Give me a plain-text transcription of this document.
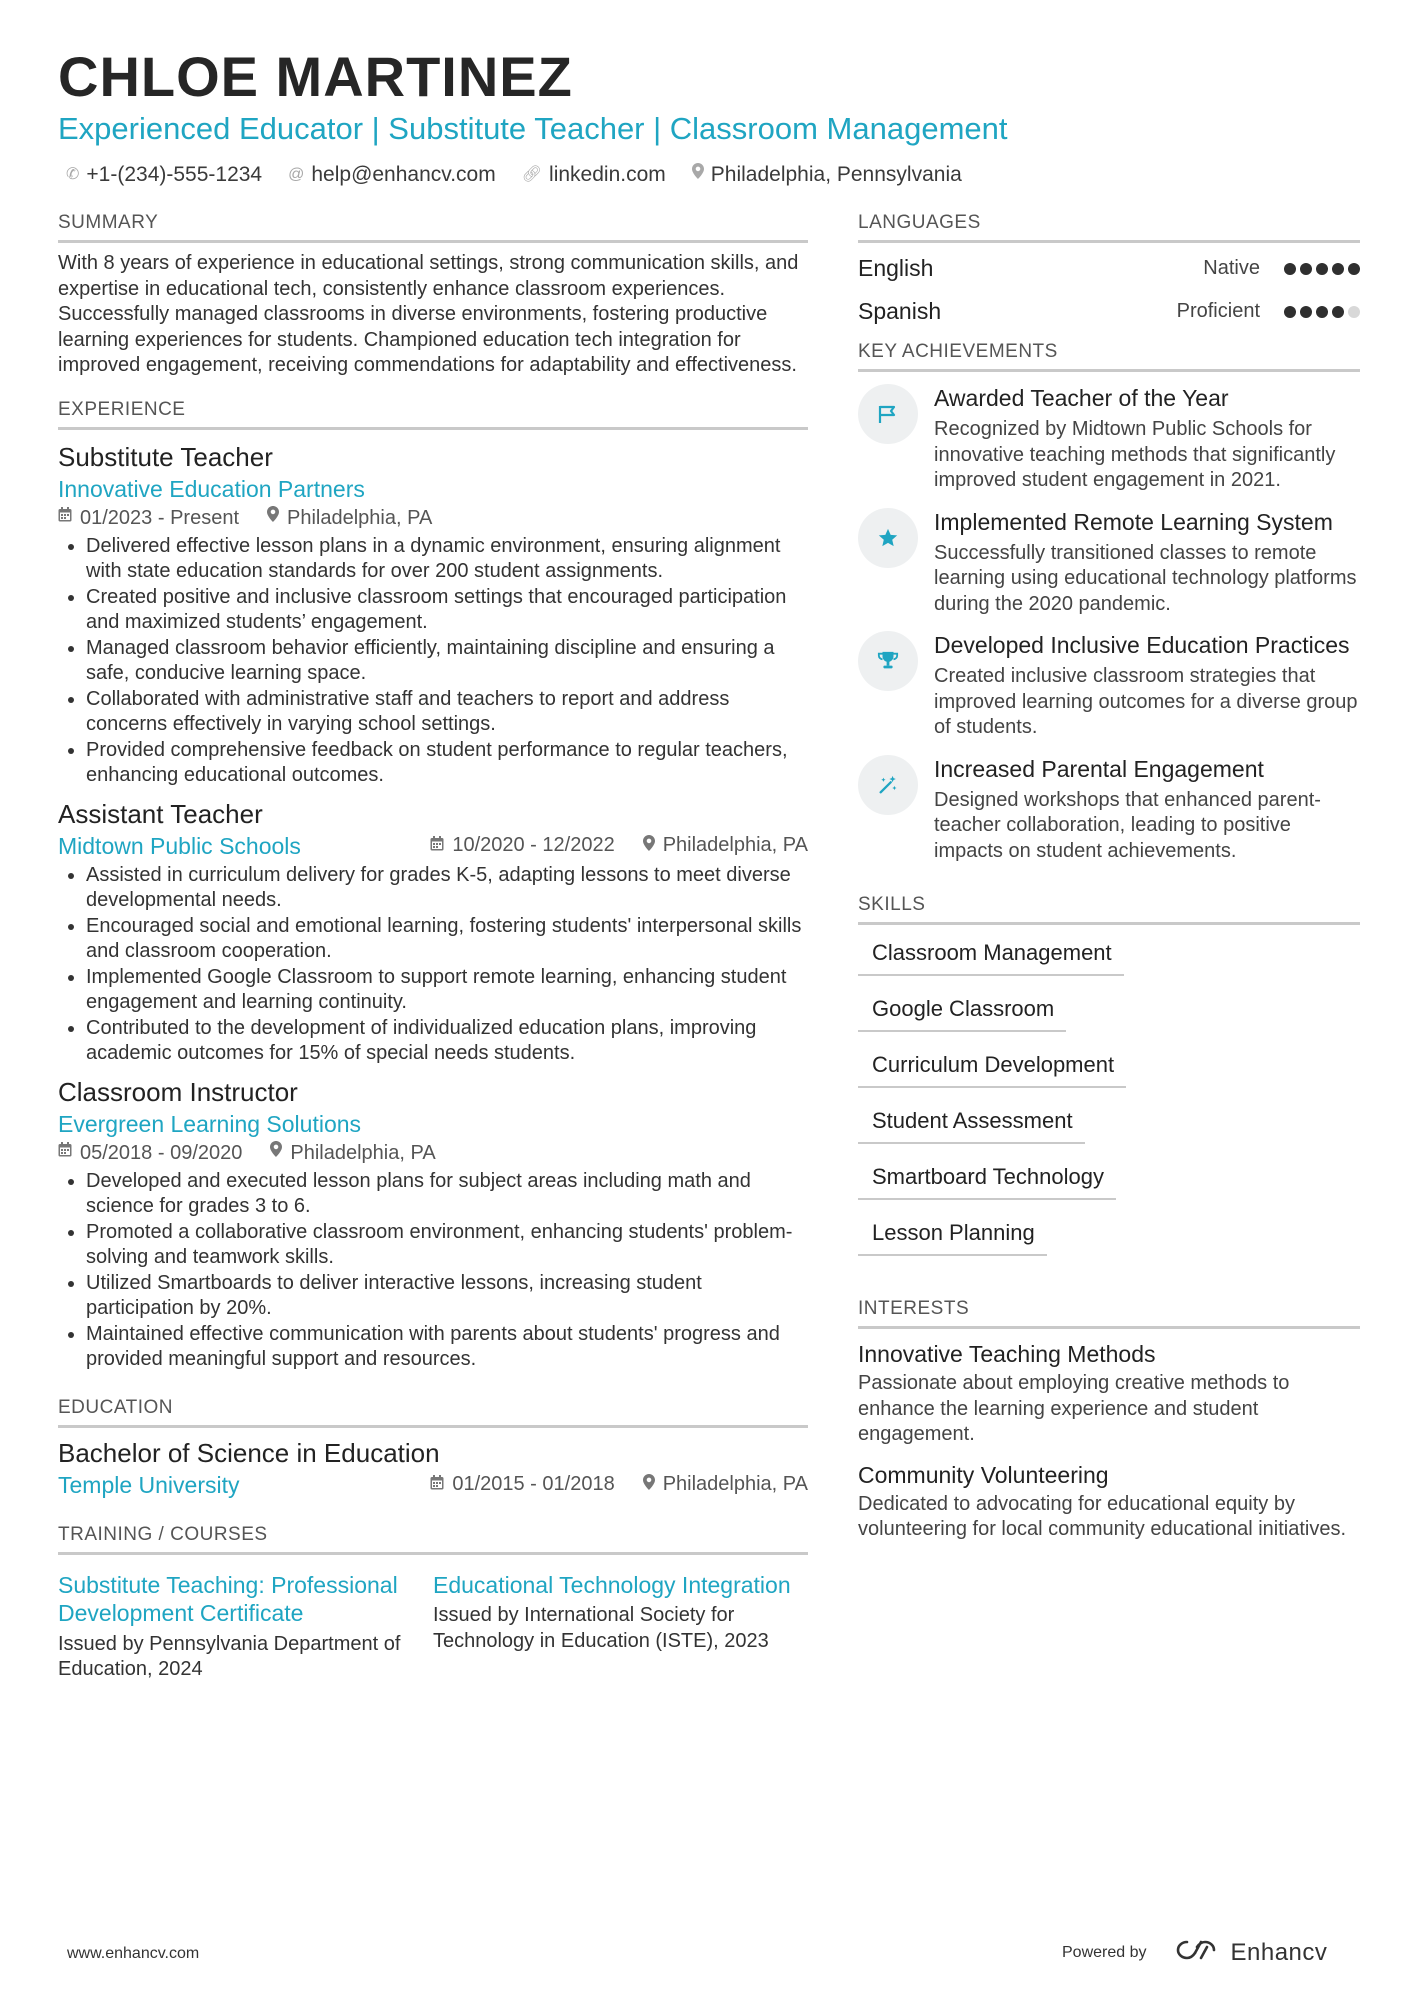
CHLOE MARTINEZ
Experienced Educator | Substitute Teacher | Classroom Management
✆ +1-(234)-555-1234 @ help@enhancv.com 🔗︎ linkedin.com Philadelphia, Pennsylvania
SUMMARY
With 8 years of experience in educational settings, strong communication skills, and expertise in educational tech, consistently enhance classroom experiences. Successfully managed classrooms in diverse environments, fostering productive learning experiences for students. Championed education tech integration for improved engagement, receiving commendations for adaptability and effectiveness.
EXPERIENCE
Substitute Teacher
Innovative Education Partners
01/2023 - Present Philadelphia, PA
• Delivered effective lesson plans in a dynamic environment, ensuring alignment with state education standards for over 200 student assignments.
• Created positive and inclusive classroom settings that encouraged participation and maximized students’ engagement.
• Managed classroom behavior efficiently, maintaining discipline and ensuring a safe, conducive learning space.
• Collaborated with administrative staff and teachers to report and address concerns effectively in varying school settings.
• Provided comprehensive feedback on student performance to regular teachers, enhancing educational outcomes.
Assistant Teacher
Midtown Public Schools	10/2020 - 12/2022 Philadelphia, PA
• Assisted in curriculum delivery for grades K-5, adapting lessons to meet diverse developmental needs.
• Encouraged social and emotional learning, fostering students' interpersonal skills and classroom cooperation.
• Implemented Google Classroom to support remote learning, enhancing student engagement and learning continuity.
• Contributed to the development of individualized education plans, improving academic outcomes for 15% of special needs students.
Classroom Instructor
Evergreen Learning Solutions
05/2018 - 09/2020 Philadelphia, PA
• Developed and executed lesson plans for subject areas including math and science for grades 3 to 6.
• Promoted a collaborative classroom environment, enhancing students' problem-solving and teamwork skills.
• Utilized Smartboards to deliver interactive lessons, increasing student participation by 20%.
• Maintained effective communication with parents about students' progress and provided meaningful support and resources.
EDUCATION
Bachelor of Science in Education
Temple University	01/2015 - 01/2018 Philadelphia, PA
TRAINING / COURSES
Substitute Teaching: Professional Development Certificate
Issued by Pennsylvania Department of Education, 2024
Educational Technology Integration
Issued by International Society for Technology in Education (ISTE), 2023
LANGUAGES
English	Native
Spanish	Proficient
KEY ACHIEVEMENTS
Awarded Teacher of the Year
Recognized by Midtown Public Schools for innovative teaching methods that significantly improved student engagement in 2021.
Implemented Remote Learning System
Successfully transitioned classes to remote learning using educational technology platforms during the 2020 pandemic.
Developed Inclusive Education Practices
Created inclusive classroom strategies that improved learning outcomes for a diverse group of students.
Increased Parental Engagement
Designed workshops that enhanced parent-teacher collaboration, leading to positive impacts on student achievements.
SKILLS
Classroom Management
Google Classroom
Curriculum Development
Student Assessment
Smartboard Technology
Lesson Planning
INTERESTS
Innovative Teaching Methods
Passionate about employing creative methods to enhance the learning experience and student engagement.
Community Volunteering
Dedicated to advocating for educational equity by volunteering for local community educational initiatives.
www.enhancv.com	Powered by	Enhancv
